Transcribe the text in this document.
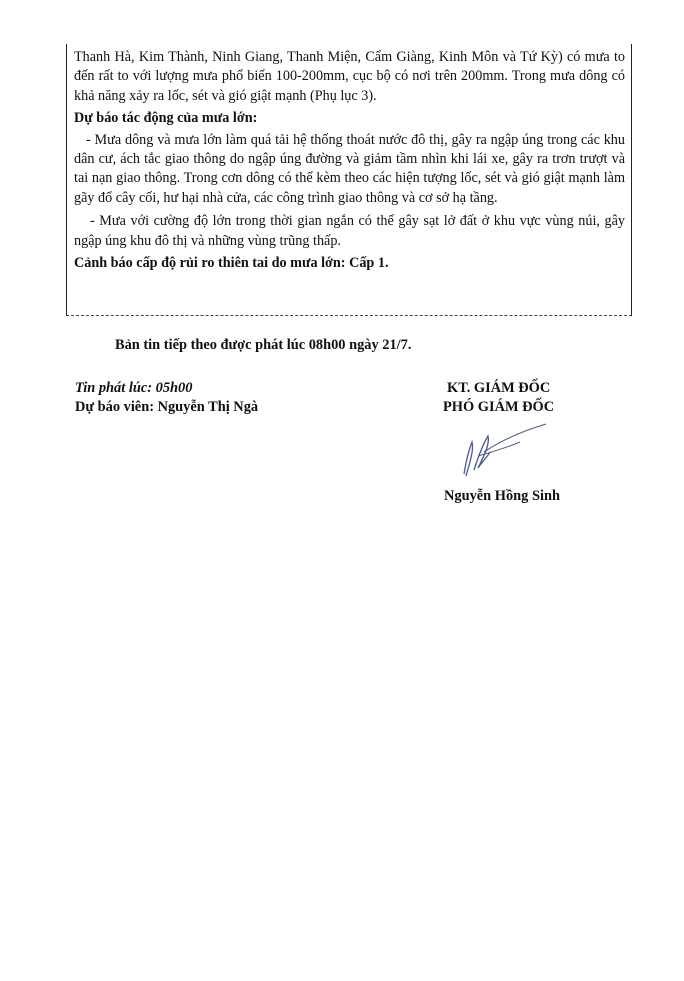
Thanh Hà, Kim Thành, Ninh Giang, Thanh Miện, Cẩm Giàng, Kinh Môn và Tứ Kỳ) có mưa to đến rất to với lượng mưa phổ biến 100-200mm, cục bộ có nơi trên 200mm. Trong mưa dông có khả năng xảy ra lốc, sét và gió giật mạnh (Phụ lục 3).

Dự báo tác động của mưa lớn:

- Mưa dông và mưa lớn làm quá tải hệ thống thoát nước đô thị, gây ra ngập úng trong các khu dân cư, ách tắc giao thông do ngập úng đường và giảm tầm nhìn khi lái xe, gây ra trơn trượt và tai nạn giao thông. Trong cơn dông có thể kèm theo các hiện tượng lốc, sét và gió giật mạnh làm gãy đổ cây cối, hư hại nhà cửa, các công trình giao thông và cơ sở hạ tầng.

- Mưa với cường độ lớn trong thời gian ngắn có thể gây sạt lở đất ở khu vực vùng núi, gây ngập úng khu đô thị và những vùng trũng thấp.

Cảnh báo cấp độ rủi ro thiên tai do mưa lớn: Cấp 1.

Bản tin tiếp theo được phát lúc 08h00 ngày 21/7.
Tin phát lúc: 05h00
Dự báo viên: Nguyễn Thị Ngà
KT. GIÁM ĐỐC
PHÓ GIÁM ĐỐC
Nguyễn Hồng Sinh
